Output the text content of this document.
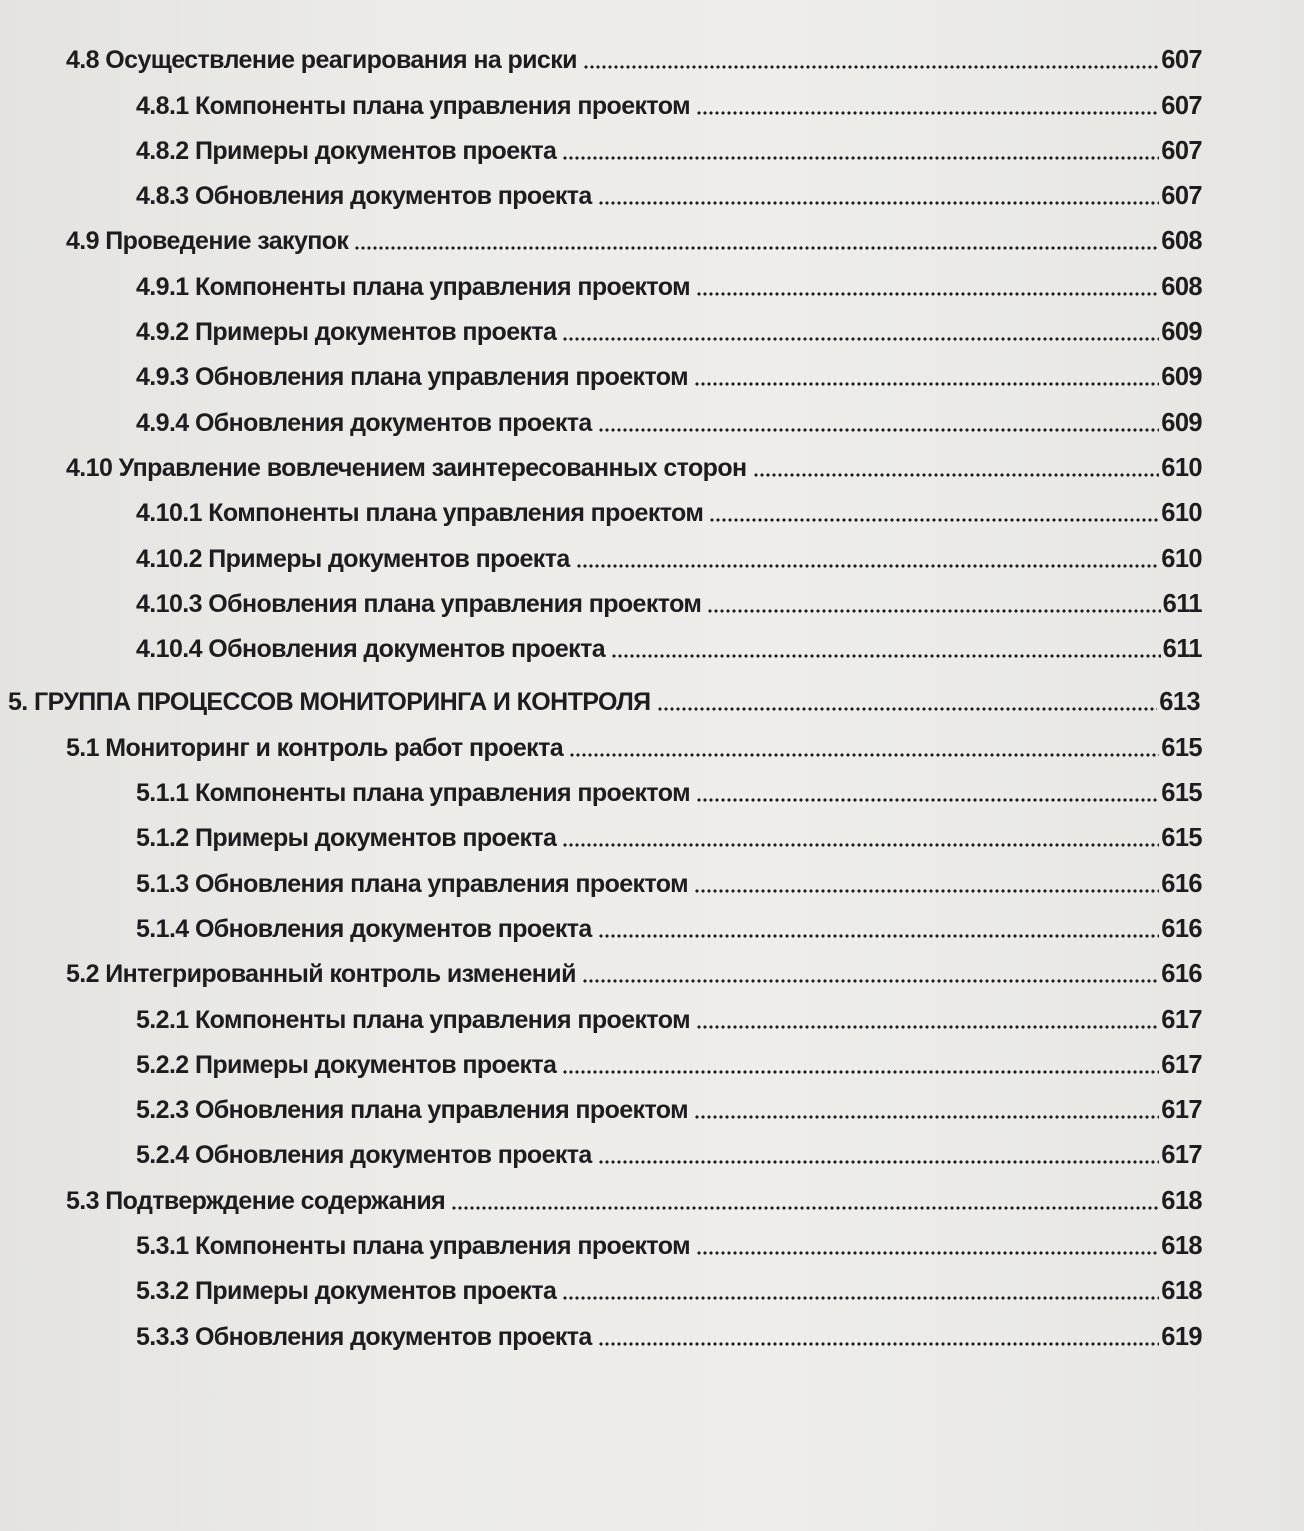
4.8 Осуществление реагирования на риски	607
4.8.1 Компоненты плана управления проектом	607
4.8.2 Примеры документов проекта	607
4.8.3 Обновления документов проекта	607
4.9 Проведение закупок	608
4.9.1 Компоненты плана управления проектом	608
4.9.2 Примеры документов проекта	609
4.9.3 Обновления плана управления проектом	609
4.9.4 Обновления документов проекта	609
4.10 Управление вовлечением заинтересованных сторон	610
4.10.1 Компоненты плана управления проектом	610
4.10.2 Примеры документов проекта	610
4.10.3 Обновления плана управления проектом	611
4.10.4 Обновления документов проекта	611
5. ГРУППА ПРОЦЕССОВ МОНИТОРИНГА И КОНТРОЛЯ	613
5.1 Мониторинг и контроль работ проекта	615
5.1.1 Компоненты плана управления проектом	615
5.1.2 Примеры документов проекта	615
5.1.3 Обновления плана управления проектом	616
5.1.4 Обновления документов проекта	616
5.2 Интегрированный контроль изменений	616
5.2.1 Компоненты плана управления проектом	617
5.2.2 Примеры документов проекта	617
5.2.3 Обновления плана управления проектом	617
5.2.4 Обновления документов проекта	617
5.3 Подтверждение содержания	618
5.3.1 Компоненты плана управления проектом	618
5.3.2 Примеры документов проекта	618
5.3.3 Обновления документов проекта	619
